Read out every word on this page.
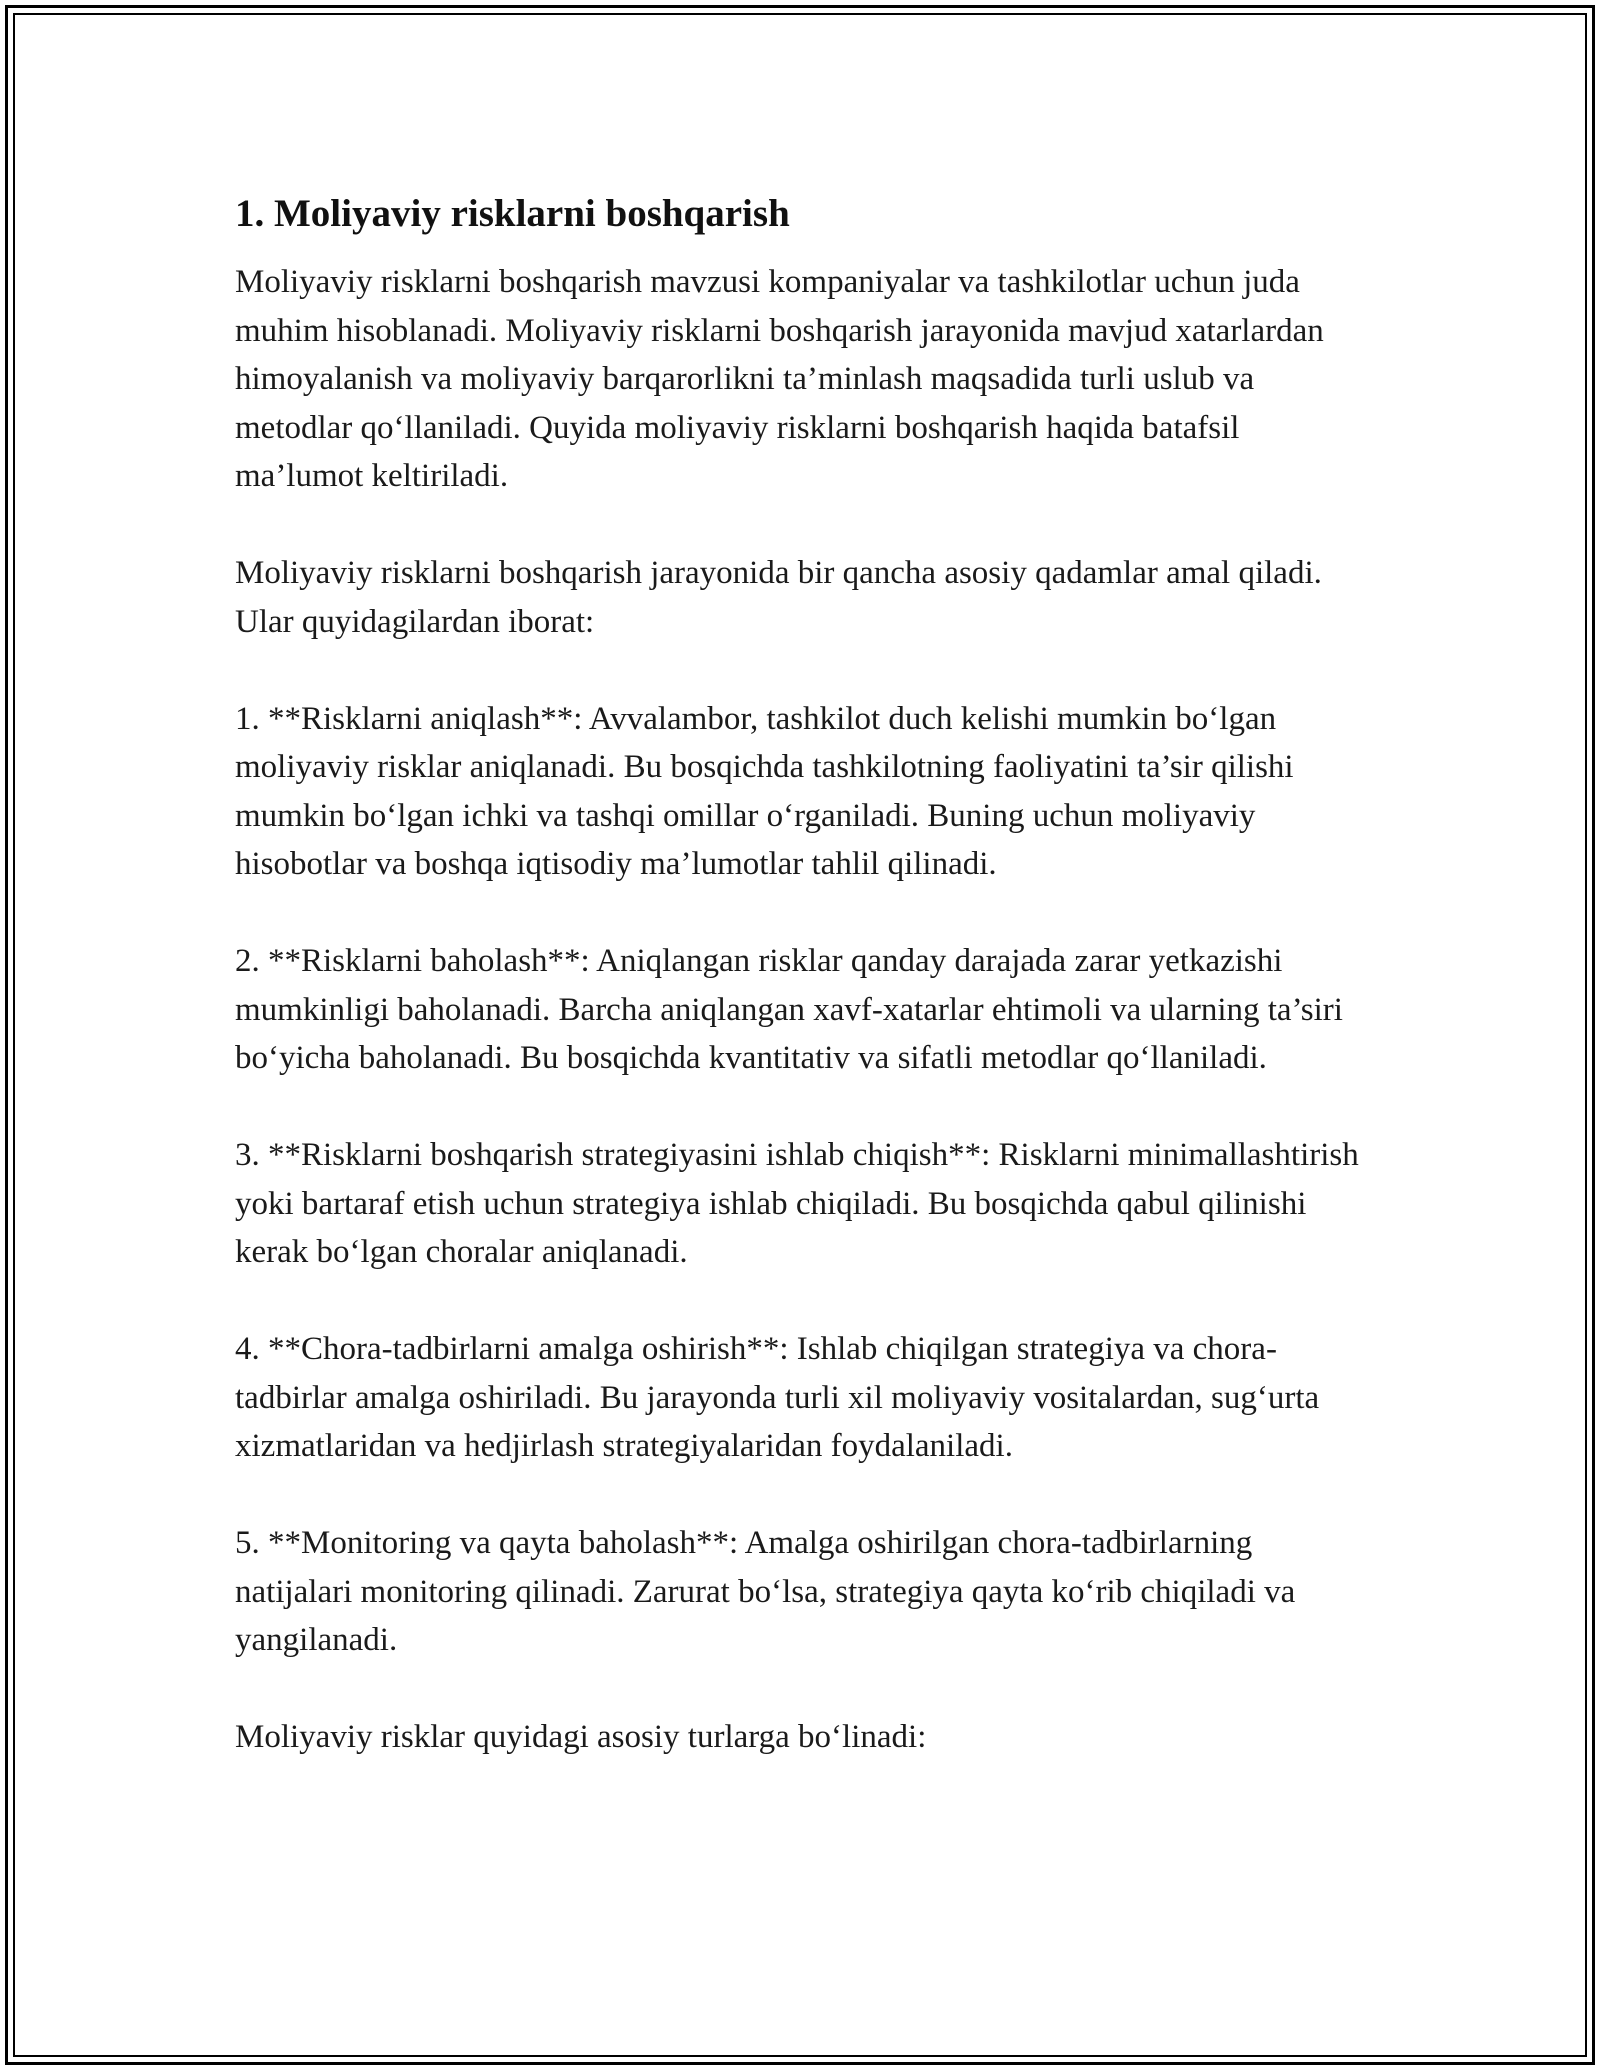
1. Moliyaviy risklarni boshqarish

Moliyaviy risklarni boshqarish mavzusi kompaniyalar va tashkilotlar uchun juda muhim hisoblanadi. Moliyaviy risklarni boshqarish jarayonida mavjud xatarlardan himoyalanish va moliyaviy barqarorlikni ta’minlash maqsadida turli uslub va metodlar qo‘llaniladi. Quyida moliyaviy risklarni boshqarish haqida batafsil ma’lumot keltiriladi.

Moliyaviy risklarni boshqarish jarayonida bir qancha asosiy qadamlar amal qiladi. Ular quyidagilardan iborat:

1. **Risklarni aniqlash**: Avvalambor, tashkilot duch kelishi mumkin bo‘lgan moliyaviy risklar aniqlanadi. Bu bosqichda tashkilotning faoliyatini ta’sir qilishi mumkin bo‘lgan ichki va tashqi omillar o‘rganiladi. Buning uchun moliyaviy hisobotlar va boshqa iqtisodiy ma’lumotlar tahlil qilinadi.

2. **Risklarni baholash**: Aniqlangan risklar qanday darajada zarar yetkazishi mumkinligi baholanadi. Barcha aniqlangan xavf-xatarlar ehtimoli va ularning ta’siri bo‘yicha baholanadi. Bu bosqichda kvantitativ va sifatli metodlar qo‘llaniladi.

3. **Risklarni boshqarish strategiyasini ishlab chiqish**: Risklarni minimallashtirish yoki bartaraf etish uchun strategiya ishlab chiqiladi. Bu bosqichda qabul qilinishi kerak bo‘lgan choralar aniqlanadi.

4. **Chora-tadbirlarni amalga oshirish**: Ishlab chiqilgan strategiya va chora-tadbirlar amalga oshiriladi. Bu jarayonda turli xil moliyaviy vositalardan, sug‘urta xizmatlaridan va hedjirlash strategiyalaridan foydalaniladi.

5. **Monitoring va qayta baholash**: Amalga oshirilgan chora-tadbirlarning natijalari monitoring qilinadi. Zarurat bo‘lsa, strategiya qayta ko‘rib chiqiladi va yangilanadi.

Moliyaviy risklar quyidagi asosiy turlarga bo‘linadi:
